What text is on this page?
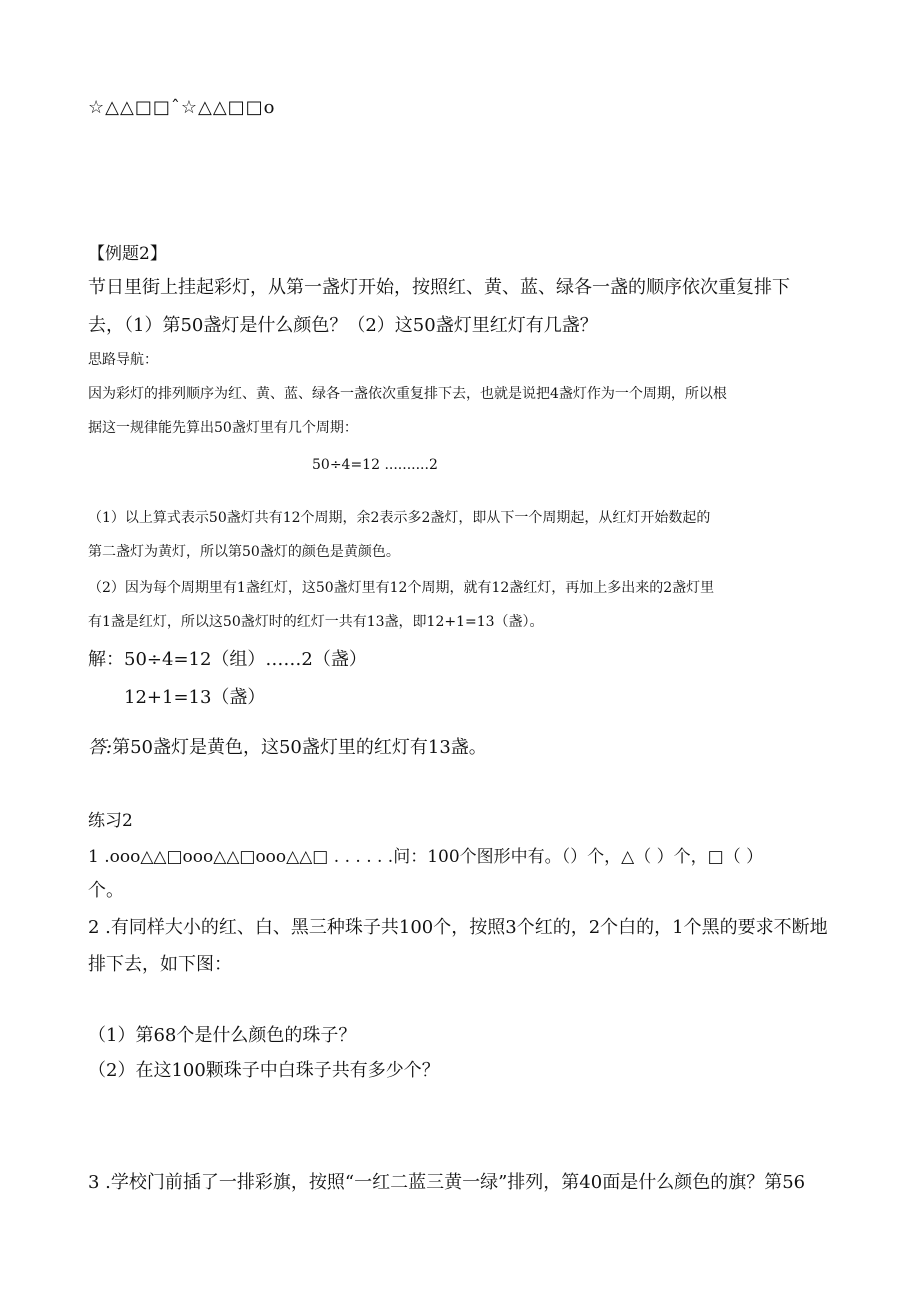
☆△△□□ˆ☆△△□□o
【例题2】
节日里街上挂起彩灯，从第一盏灯开始，按照红、黄、蓝、绿各一盏的顺序依次重复排下
去，（1）第50盏灯是什么颜色？（2）这50盏灯里红灯有几盏？
思路导航：
因为彩灯的排列顺序为红、黄、蓝、绿各一盏依次重复排下去，也就是说把4盏灯作为一个周期，所以根
据这一规律能先算出50盏灯里有几个周期：
50÷4=12 ..........2
（1）以上算式表示50盏灯共有12个周期，余2表示多2盏灯，即从下一个周期起，从红灯开始数起的
第二盏灯为黄灯，所以第50盏灯的颜色是黄颜色。
（2）因为每个周期里有1盏红灯，这50盏灯里有12个周期，就有12盏红灯，再加上多出来的2盏灯里
有1盏是红灯，所以这50盏灯时的红灯一共有13盏，即12+1=13（盏）。
解：50÷4=12（组）……2（盏）
12+1=13（盏）
答:第50盏灯是黄色，这50盏灯里的红灯有13盏。
练习2
1 .ooo△△□ooo△△□ooo△△□ . . . . . .问：100个图形中有。（）个，△（ ）个，□（ ）
个。
2 .有同样大小的红、白、黑三种珠子共100个，按照3个红的，2个白的，1个黑的要求不断地
排下去，如下图：
（1）第68个是什么颜色的珠子？
（2）在这100颗珠子中白珠子共有多少个？
3 .学校门前插了一排彩旗，按照“一红二蓝三黄一绿”排列，第40面是什么颜色的旗？第56
